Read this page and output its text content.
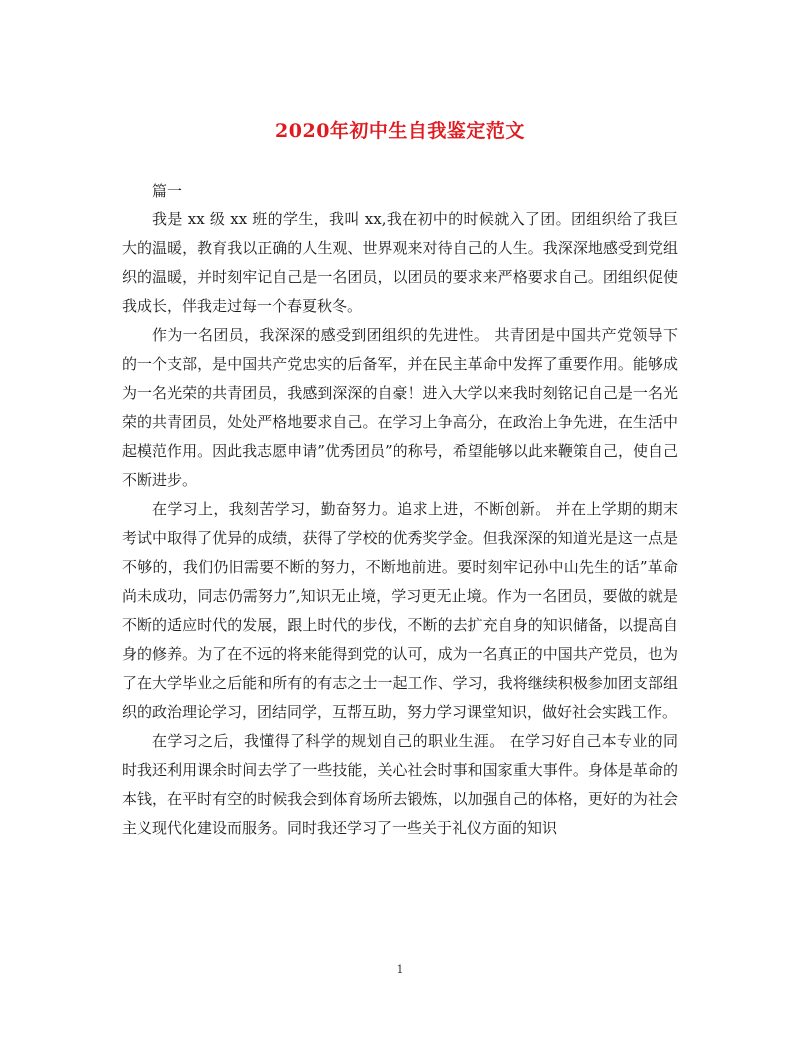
2020年初中生自我鉴定范文
篇一

我是 xx 级 xx 班的学生，我叫 xx,我在初中的时候就入了团。团组织给了我巨大的温暖，教育我以正确的人生观、世界观来对待自己的人生。我深深地感受到党组织的温暖，并时刻牢记自己是一名团员，以团员的要求来严格要求自己。团组织促使我成长，伴我走过每一个春夏秋冬。

作为一名团员，我深深的感受到团组织的先进性。 共青团是中国共产党领导下的一个支部，是中国共产党忠实的后备军，并在民主革命中发挥了重要作用。能够成为一名光荣的共青团员，我感到深深的自豪！进入大学以来我时刻铭记自己是一名光荣的共青团员，处处严格地要求自己。在学习上争高分，在政治上争先进，在生活中起模范作用。因此我志愿申请”优秀团员”的称号，希望能够以此来鞭策自己，使自己不断进步。

在学习上，我刻苦学习，勤奋努力。追求上进，不断创新。 并在上学期的期末考试中取得了优异的成绩，获得了学校的优秀奖学金。但我深深的知道光是这一点是不够的，我们仍旧需要不断的努力，不断地前进。要时刻牢记孙中山先生的话”革命尚未成功，同志仍需努力”,知识无止境，学习更无止境。作为一名团员，要做的就是不断的适应时代的发展，跟上时代的步伐，不断的去扩充自身的知识储备，以提高自身的修养。为了在不远的将来能得到党的认可，成为一名真正的中国共产党员，也为了在大学毕业之后能和所有的有志之士一起工作、学习，我将继续积极参加团支部组织的政治理论学习，团结同学，互帮互助，努力学习课堂知识，做好社会实践工作。

在学习之后，我懂得了科学的规划自己的职业生涯。 在学习好自己本专业的同时我还利用课余时间去学了一些技能，关心社会时事和国家重大事件。身体是革命的本钱，在平时有空的时候我会到体育场所去锻炼，以加强自己的体格，更好的为社会主义现代化建设而服务。同时我还学习了一些关于礼仪方面的知识

1
